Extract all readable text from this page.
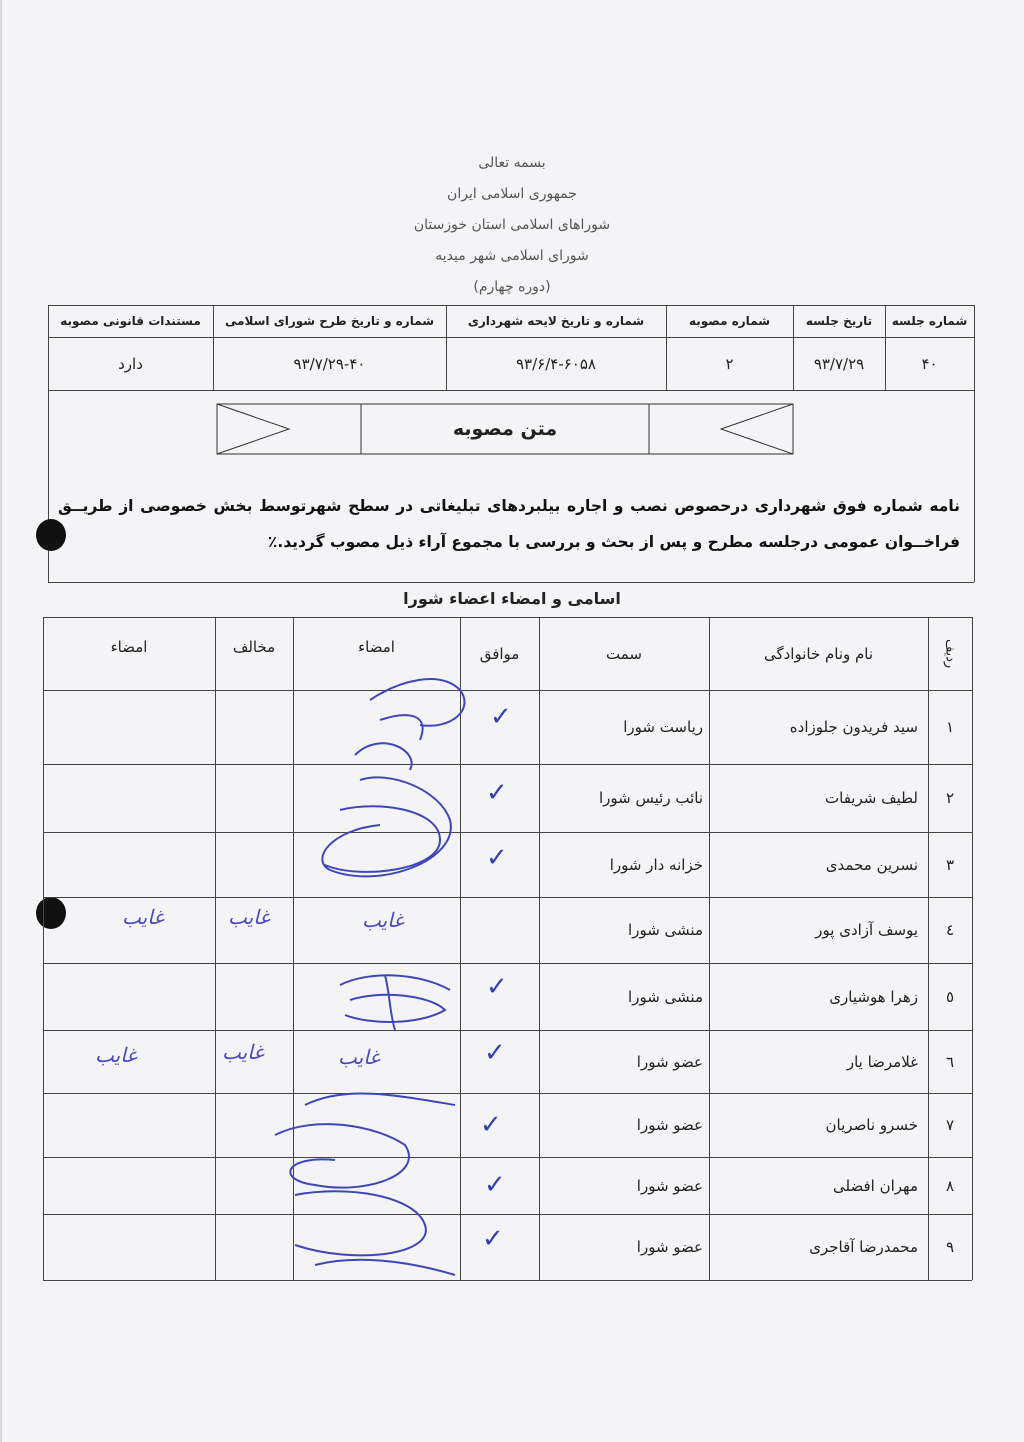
بسمه تعالی
جمهوری اسلامی ایران
شوراهای اسلامی استان خوزستان
شورای اسلامی شهر میدیه
(دوره چهارم)
شماره جلسه
تاریخ جلسه
شماره مصوبه
شماره و تاریخ لایحه شهرداری
شماره و تاریخ طرح شورای اسلامی
مستندات قانونی مصوبه
۴۰
۹۳/۷/۲۹
۲
۹۳/۶/۴-۶۰۵۸
۹۳/۷/۲۹-۴۰
دارد
متن مصوبه
نامه شماره فوق شهرداری درحصوص نصب و اجاره بیلبردهای تبلیغاتی در سطح شهرتوسط بخش خصوصی از طریــق فراخــوان عمومی درجلسه مطرح و پس از بحث و بررسی با مجموع آراء ذیل مصوب گردید.٪
اسامی و امضاء اعضاء شورا
ردیف
نام ونام خانوادگی
سمت
موافق
امضاء
مخالف
امضاء
۱
سید فریدون جلوزاده
ریاست شورا
۲
لطیف شریفات
نائب رئیس شورا
۳
نسرین محمدی
خزانه دار شورا
٤
یوسف آزادی پور
منشی شورا
٥
زهرا هوشیاری
منشی شورا
٦
غلامرضا یار
عضو شورا
۷
خسرو ناصریان
عضو شورا
۸
مهران افضلی
عضو شورا
۹
محمدرضا آقاجری
عضو شورا
✓
✓
✓
✓
✓
✓
✓
✓
غایب
غایب
غایب
غایب
غایب
غایب
